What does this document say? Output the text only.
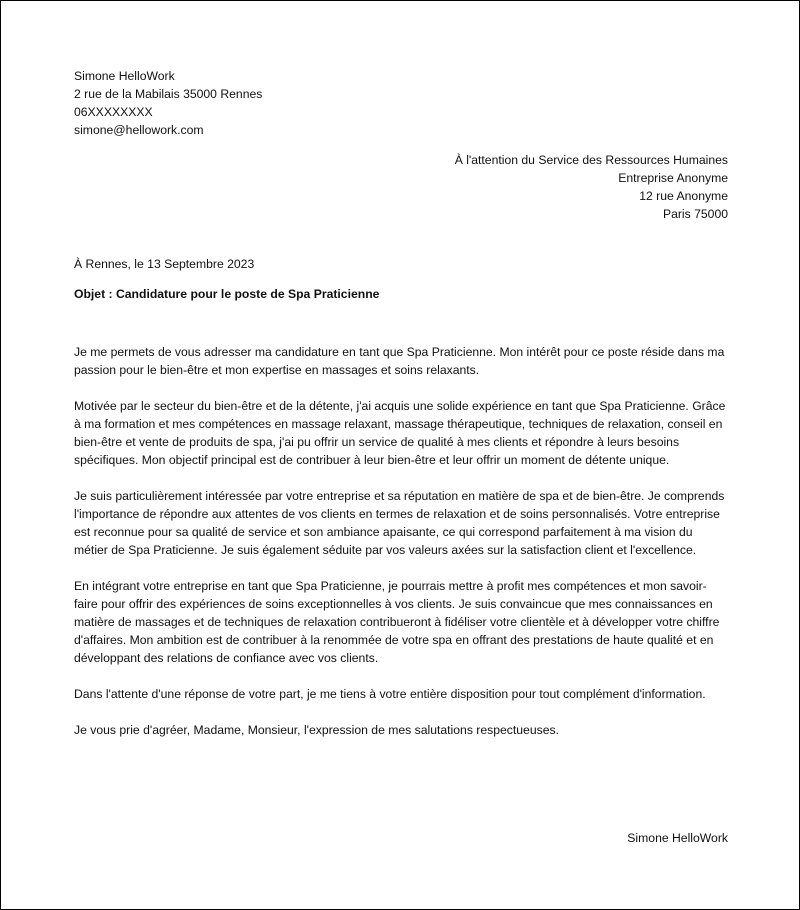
Simone HelloWork
2 rue de la Mabilais 35000 Rennes
06XXXXXXXX
simone@hellowork.com
À l'attention du Service des Ressources Humaines
Entreprise Anonyme
12 rue Anonyme
Paris 75000
À Rennes, le 13 Septembre 2023
Objet : Candidature pour le poste de Spa Praticienne

Je me permets de vous adresser ma candidature en tant que Spa Praticienne. Mon intérêt pour ce poste réside dans ma passion pour le bien-être et mon expertise en massages et soins relaxants.

Motivée par le secteur du bien-être et de la détente, j'ai acquis une solide expérience en tant que Spa Praticienne. Grâce à ma formation et mes compétences en massage relaxant, massage thérapeutique, techniques de relaxation, conseil en bien-être et vente de produits de spa, j'ai pu offrir un service de qualité à mes clients et répondre à leurs besoins spécifiques. Mon objectif principal est de contribuer à leur bien-être et leur offrir un moment de détente unique.

Je suis particulièrement intéressée par votre entreprise et sa réputation en matière de spa et de bien-être. Je comprends l'importance de répondre aux attentes de vos clients en termes de relaxation et de soins personnalisés. Votre entreprise est reconnue pour sa qualité de service et son ambiance apaisante, ce qui correspond parfaitement à ma vision du métier de Spa Praticienne. Je suis également séduite par vos valeurs axées sur la satisfaction client et l'excellence.

En intégrant votre entreprise en tant que Spa Praticienne, je pourrais mettre à profit mes compétences et mon savoir-faire pour offrir des expériences de soins exceptionnelles à vos clients. Je suis convaincue que mes connaissances en matière de massages et de techniques de relaxation contribueront à fidéliser votre clientèle et à développer votre chiffre d'affaires. Mon ambition est de contribuer à la renommée de votre spa en offrant des prestations de haute qualité et en développant des relations de confiance avec vos clients.

Dans l'attente d'une réponse de votre part, je me tiens à votre entière disposition pour tout complément d'information.

Je vous prie d'agréer, Madame, Monsieur, l'expression de mes salutations respectueuses.

Simone HelloWork
